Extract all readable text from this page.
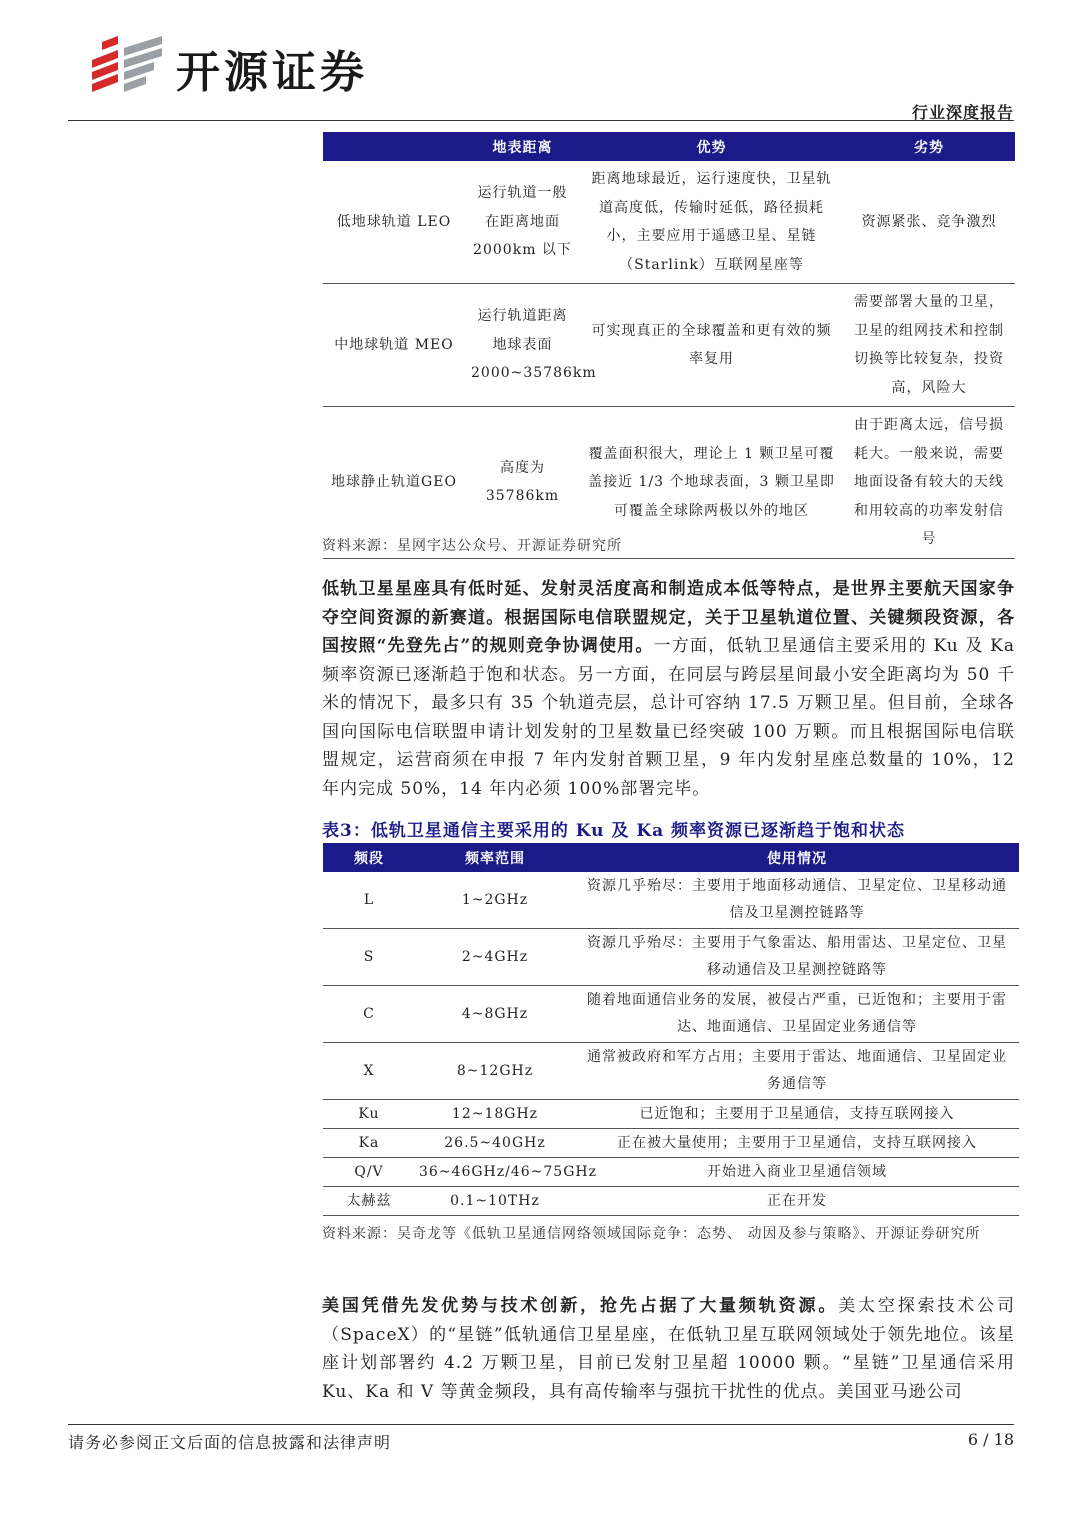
开源证券
行业深度报告
	地表距离	优势	劣势
低地球轨道 LEO	运行轨道一般在距离地面2000km 以下	距离地球最近，运行速度快，卫星轨道高度低，传输时延低，路径损耗小，主要应用于遥感卫星、星链（Starlink）互联网星座等	资源紧张、竞争激烈
中地球轨道 MEO	运行轨道距离地球表面2000~35786km	可实现真正的全球覆盖和更有效的频率复用	需要部署大量的卫星，卫星的组网技术和控制切换等比较复杂，投资高，风险大
地球静止轨道GEO	高度为35786km	覆盖面积很大，理论上 1 颗卫星可覆盖接近 1/3 个地球表面，3 颗卫星即可覆盖全球除两极以外的地区	由于距离太远，信号损耗大。一般来说，需要地面设备有较大的天线和用较高的功率发射信号
资料来源：星网宇达公众号、开源证券研究所

低轨卫星星座具有低时延、发射灵活度高和制造成本低等特点，是世界主要航天国家争夺空间资源的新赛道。根据国际电信联盟规定，关于卫星轨道位置、关键频段资源，各国按照“先登先占”的规则竞争协调使用。一方面，低轨卫星通信主要采用的 Ku 及 Ka 频率资源已逐渐趋于饱和状态。另一方面，在同层与跨层星间最小安全距离均为 50 千米的情况下，最多只有 35 个轨道壳层，总计可容纳 17.5 万颗卫星。但目前，全球各国向国际电信联盟申请计划发射的卫星数量已经突破 100 万颗。而且根据国际电信联盟规定，运营商须在申报 7 年内发射首颗卫星，9 年内发射星座总数量的 10%，12 年内完成 50%，14 年内必须 100%部署完毕。

表3：低轨卫星通信主要采用的 Ku 及 Ka 频率资源已逐渐趋于饱和状态
频段	频率范围	使用情况
L	1~2GHz	资源几乎殆尽：主要用于地面移动通信、卫星定位、卫星移动通信及卫星测控链路等
S	2~4GHz	资源几乎殆尽：主要用于气象雷达、船用雷达、卫星定位、卫星移动通信及卫星测控链路等
C	4~8GHz	随着地面通信业务的发展，被侵占严重，已近饱和；主要用于雷达、地面通信、卫星固定业务通信等
X	8~12GHz	通常被政府和军方占用；主要用于雷达、地面通信、卫星固定业务通信等
Ku	12~18GHz	已近饱和；主要用于卫星通信，支持互联网接入
Ka	26.5~40GHz	正在被大量使用；主要用于卫星通信，支持互联网接入
Q/V	36~46GHz/46~75GHz	开始进入商业卫星通信领域
太赫兹	0.1~10THz	正在开发
资料来源：吴奇龙等《低轨卫星通信网络领域国际竞争：态势、 动因及参与策略》、开源证券研究所

美国凭借先发优势与技术创新，抢先占据了大量频轨资源。美太空探索技术公司（SpaceX）的“星链”低轨通信卫星星座，在低轨卫星互联网领域处于领先地位。该星座计划部署约 4.2 万颗卫星，目前已发射卫星超 10000 颗。“星链”卫星通信采用 Ku、Ka 和 V 等黄金频段，具有高传输率与强抗干扰性的优点。美国亚马逊公司

请务必参阅正文后面的信息披露和法律声明	6 / 18
